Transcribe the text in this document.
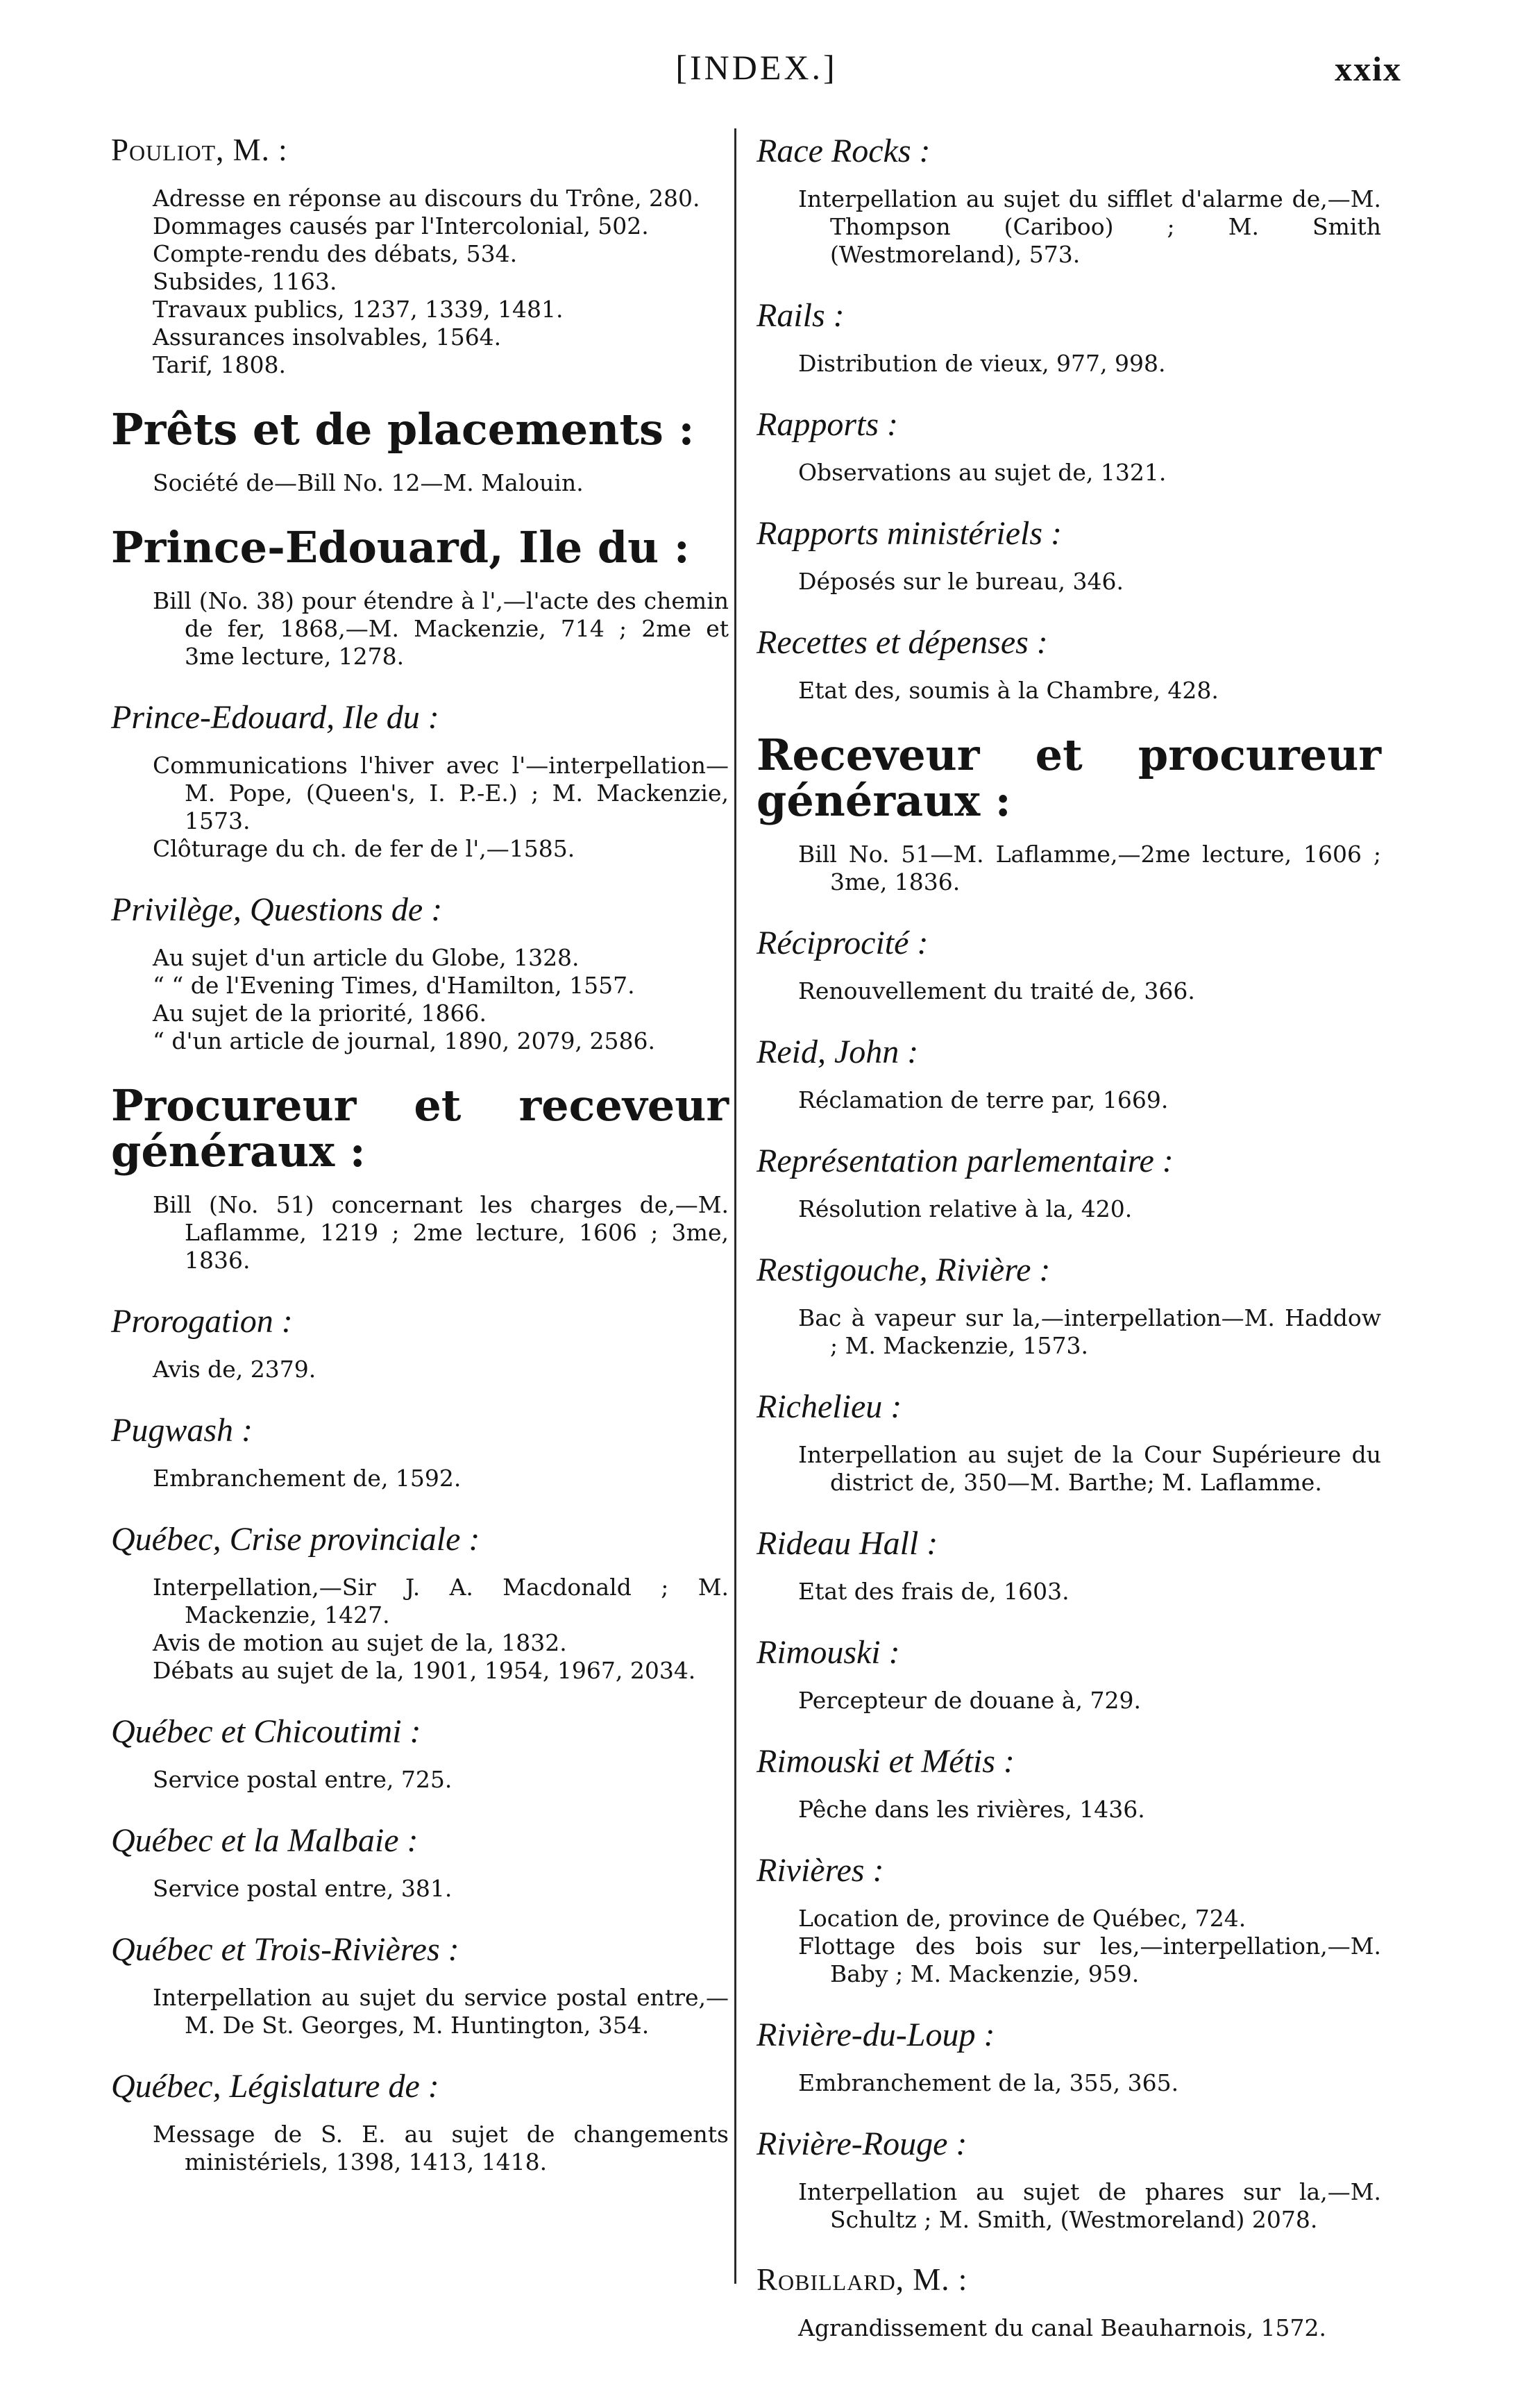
[INDEX.]	xxix
Pouliot, M. :
Adresse en réponse au discours du Trône, 280.
Dommages causés par l'Intercolonial, 502.
Compte-rendu des débats, 534.
Subsides, 1163.
Travaux publics, 1237, 1339, 1481.
Assurances insolvables, 1564.
Tarif, 1808.
Prêts et de placements :
Société de—Bill No. 12—M. Malouin.
Prince-Edouard, Ile du :
Bill (No. 38) pour étendre à l',—l'acte des chemin de fer, 1868,—M. Mackenzie, 714 ; 2me et 3me lecture, 1278.
Prince-Edouard, Ile du :
Communications l'hiver avec l'—interpellation—M. Pope, (Queen's, I. P.-E.) ; M. Mackenzie, 1573.
Clôturage du ch. de fer de l',—1585.
Privilège, Questions de :
Au sujet d'un article du Globe, 1328.
“ “ de l'Evening Times, d'Hamilton, 1557.
Au sujet de la priorité, 1866.
“ d'un article de journal, 1890, 2079, 2586.
Procureur et receveur généraux :
Bill (No. 51) concernant les charges de,—M. Laflamme, 1219 ; 2me lecture, 1606 ; 3me, 1836.
Prorogation :
Avis de, 2379.
Pugwash :
Embranchement de, 1592.
Québec, Crise provinciale :
Interpellation,—Sir J. A. Macdonald ; M. Mackenzie, 1427.
Avis de motion au sujet de la, 1832.
Débats au sujet de la, 1901, 1954, 1967, 2034.
Québec et Chicoutimi :
Service postal entre, 725.
Québec et la Malbaie :
Service postal entre, 381.
Québec et Trois-Rivières :
Interpellation au sujet du service postal entre,—M. De St. Georges, M. Huntington, 354.
Québec, Législature de :
Message de S. E. au sujet de changements ministériels, 1398, 1413, 1418.
Race Rocks :
Interpellation au sujet du sifflet d'alarme de,—M. Thompson (Cariboo) ; M. Smith (Westmoreland), 573.
Rails :
Distribution de vieux, 977, 998.
Rapports :
Observations au sujet de, 1321.
Rapports ministériels :
Déposés sur le bureau, 346.
Recettes et dépenses :
Etat des, soumis à la Chambre, 428.
Receveur et procureur généraux :
Bill No. 51—M. Laflamme,—2me lecture, 1606 ; 3me, 1836.
Réciprocité :
Renouvellement du traité de, 366.
Reid, John :
Réclamation de terre par, 1669.
Représentation parlementaire :
Résolution relative à la, 420.
Restigouche, Rivière :
Bac à vapeur sur la,—interpellation—M. Haddow ; M. Mackenzie, 1573.
Richelieu :
Interpellation au sujet de la Cour Supérieure du district de, 350—M. Barthe; M. Laflamme.
Rideau Hall :
Etat des frais de, 1603.
Rimouski :
Percepteur de douane à, 729.
Rimouski et Métis :
Pêche dans les rivières, 1436.
Rivières :
Location de, province de Québec, 724.
Flottage des bois sur les,—interpellation,—M. Baby ; M. Mackenzie, 959.
Rivière-du-Loup :
Embranchement de la, 355, 365.
Rivière-Rouge :
Interpellation au sujet de phares sur la,—M. Schultz ; M. Smith, (Westmoreland) 2078.
Robillard, M. :
Agrandissement du canal Beauharnois, 1572.
